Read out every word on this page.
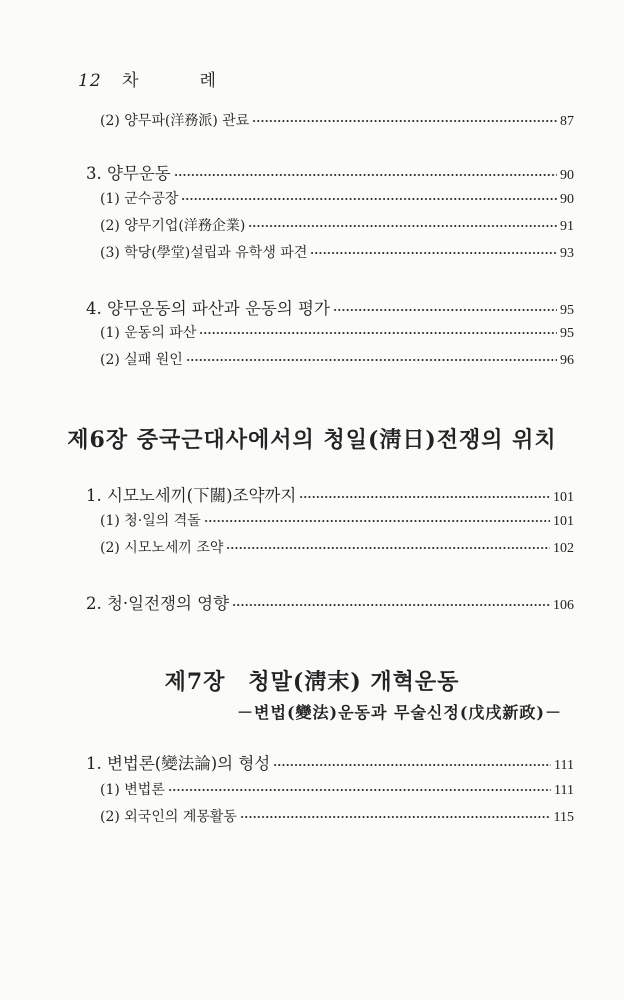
12 차　례
(2) 양무파(洋務派) 관료	87
3. 양무운동	90
(1) 군수공장	90
(2) 양무기업(洋務企業)	91
(3) 학당(學堂)설립과 유학생 파견	93
4. 양무운동의 파산과 운동의 평가	95
(1) 운동의 파산	95
(2) 실패 원인	96
제6장 중국근대사에서의 청일(淸日)전쟁의 위치
1. 시모노세끼(下關)조약까지	101
(1) 청·일의 격돌	101
(2) 시모노세끼 조약	102
2. 청·일전쟁의 영향	106
제7장　청말(淸末) 개혁운동
－변법(變法)운동과 무술신정(戊戌新政)－
1. 변법론(變法論)의 형성	111
(1) 변법론	111
(2) 외국인의 계몽활동	115
